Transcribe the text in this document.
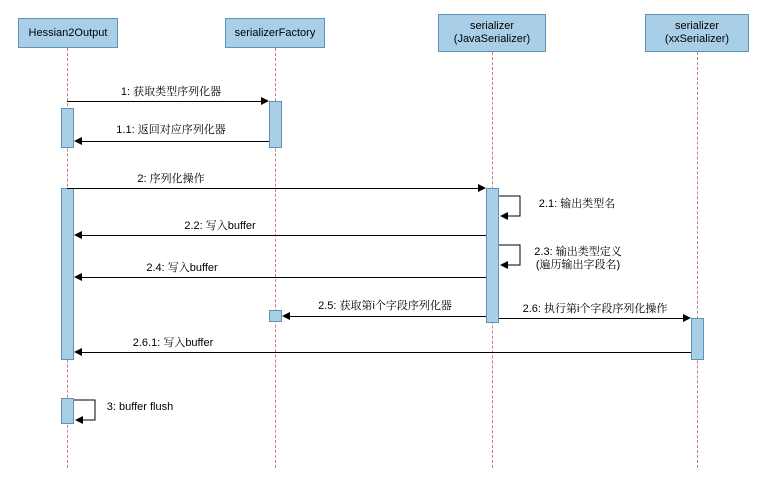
Hessian2Output	serializerFactory
serializer
(JavaSerializer)
serializer
(xxSerializer)
1: 获取类型序列化器
1.1: 返回对应序列化器
2: 序列化操作
2.1: 输出类型名
2.2: 写入buffer
2.3: 输出类型定义
(遍历输出字段名)
2.4: 写入buffer
2.5: 获取第i个字段序列化器	2.6: 执行第i个字段序列化操作
2.6.1: 写入buffer
3: buffer flush
